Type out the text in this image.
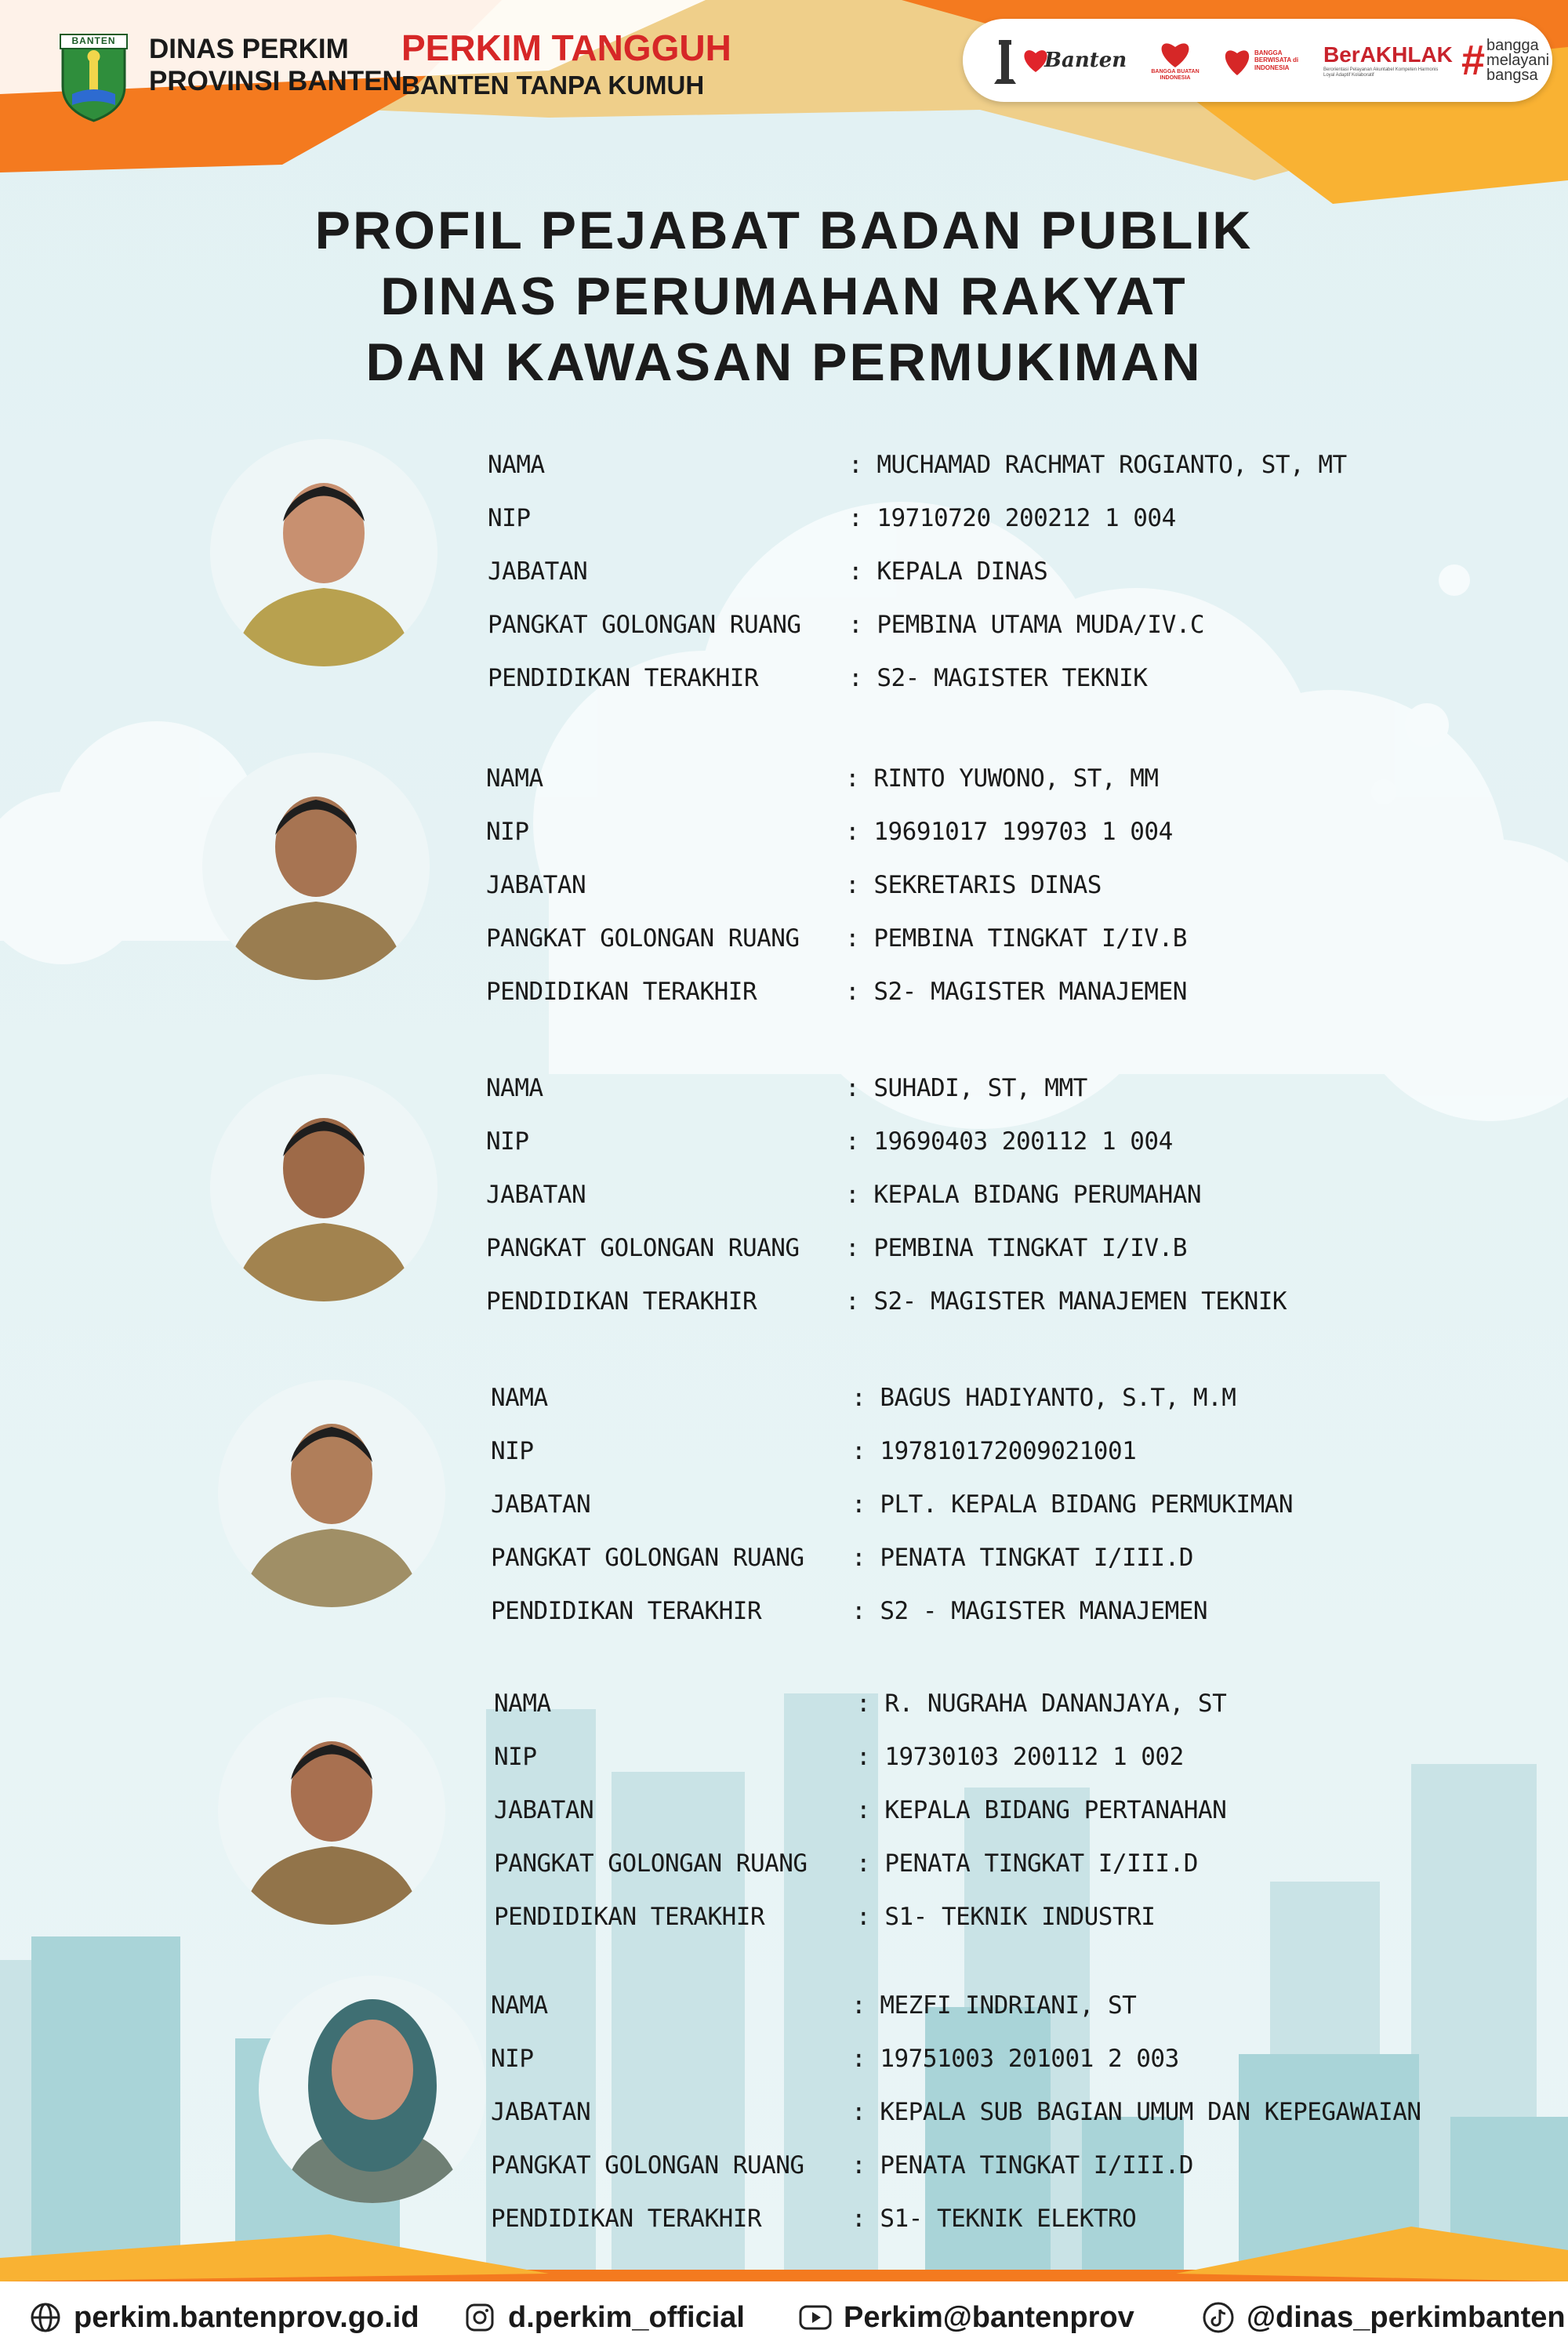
BANTEN	DINAS PERKIM
PROVINSI BANTEN
PERKIM TANGGUH
BANTEN TANPA KUMUH
Banten	BANGGA BUATAN INDONESIA
BANGGA BERWISATA di INDONESIA
BerAKHLAK
Berorientasi Pelayanan Akuntabel Kompeten Harmonis Loyal Adaptif Kolaboratif	# bangga
melayani
bangsa
PROFIL PEJABAT BADAN PUBLIK
DINAS PERUMAHAN RAKYAT
DAN KAWASAN PERMUKIMAN
NAMA	: MUCHAMAD RACHMAT ROGIANTO, ST, MT
NIP	: 19710720 200212 1 004
JABATAN	: KEPALA DINAS
PANGKAT GOLONGAN RUANG : PEMBINA UTAMA MUDA/IV.C
PENDIDIKAN TERAKHIR	: S2- MAGISTER TEKNIK
NAMA	: RINTO YUWONO, ST, MM
NIP	: 19691017 199703 1 004
JABATAN	: SEKRETARIS DINAS
PANGKAT GOLONGAN RUANG : PEMBINA TINGKAT I/IV.B
PENDIDIKAN TERAKHIR	: S2- MAGISTER MANAJEMEN
NAMA	: SUHADI, ST, MMT
NIP	: 19690403 200112 1 004
JABATAN	: KEPALA BIDANG PERUMAHAN
PANGKAT GOLONGAN RUANG : PEMBINA TINGKAT I/IV.B
PENDIDIKAN TERAKHIR	: S2- MAGISTER MANAJEMEN TEKNIK
NAMA	: BAGUS HADIYANTO, S.T, M.M
NIP	: 197810172009021001
JABATAN	: PLT. KEPALA BIDANG PERMUKIMAN
PANGKAT GOLONGAN RUANG : PENATA TINGKAT I/III.D
PENDIDIKAN TERAKHIR	: S2 - MAGISTER MANAJEMEN
NAMA	: R. NUGRAHA DANANJAYA, ST
NIP	: 19730103 200112 1 002
JABATAN	: KEPALA BIDANG PERTANAHAN
PANGKAT GOLONGAN RUANG : PENATA TINGKAT I/III.D
PENDIDIKAN TERAKHIR	: S1- TEKNIK INDUSTRI
NAMA	: MEZFI INDRIANI, ST
NIP	: 19751003 201001 2 003
JABATAN	: KEPALA SUB BAGIAN UMUM DAN KEPEGAWAIAN
PANGKAT GOLONGAN RUANG : PENATA TINGKAT I/III.D
PENDIDIKAN TERAKHIR	: S1- TEKNIK ELEKTRO
perkim.bantenprov.go.id	d.perkim_official	Perkim@bantenprov	@dinas_perkimbanten
